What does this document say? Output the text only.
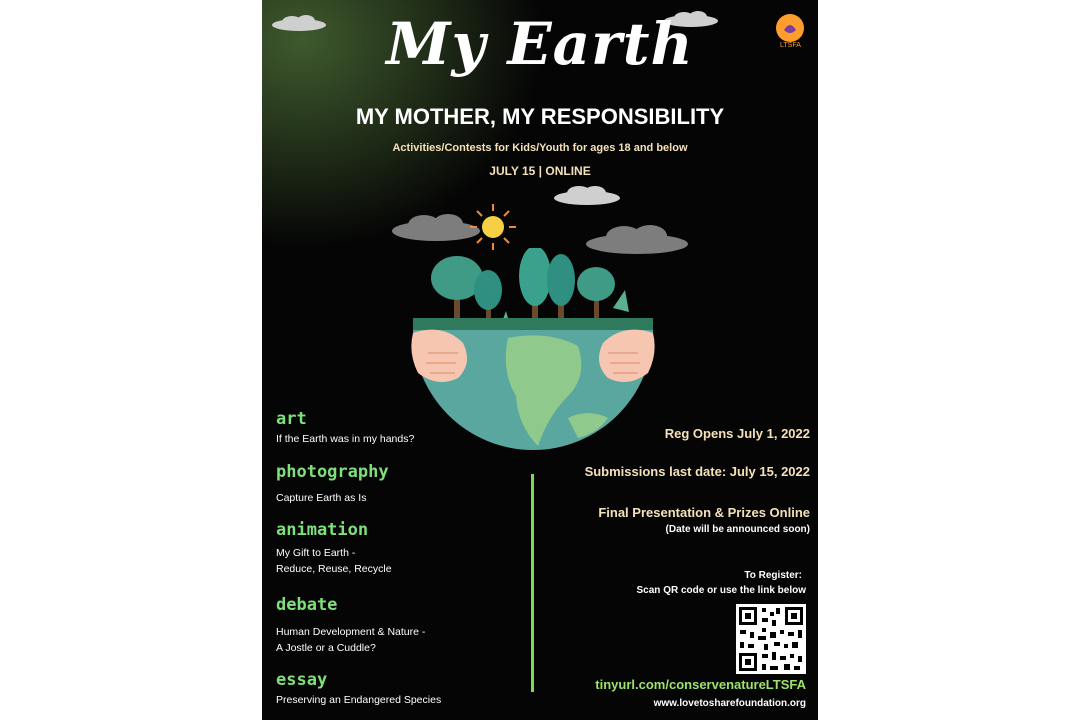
LTSFA
My Earth
MY MOTHER, MY RESPONSIBILITY
Activities/Contests for Kids/Youth for ages 18 and below
JULY 15 | ONLINE
art
If the Earth was in my hands?
photography
Capture Earth as Is
animation
My Gift to Earth -
Reduce, Reuse, Recycle
debate
Human Development & Nature -
A Jostle or a Cuddle?
essay
Preserving an Endangered Species
Reg Opens July 1, 2022
Submissions last date: July 15, 2022
Final Presentation & Prizes Online
(Date will be announced soon)
To Register:
Scan QR code or use the link below
tinyurl.com/conservenatureLTSFA
www.lovetosharefoundation.org
